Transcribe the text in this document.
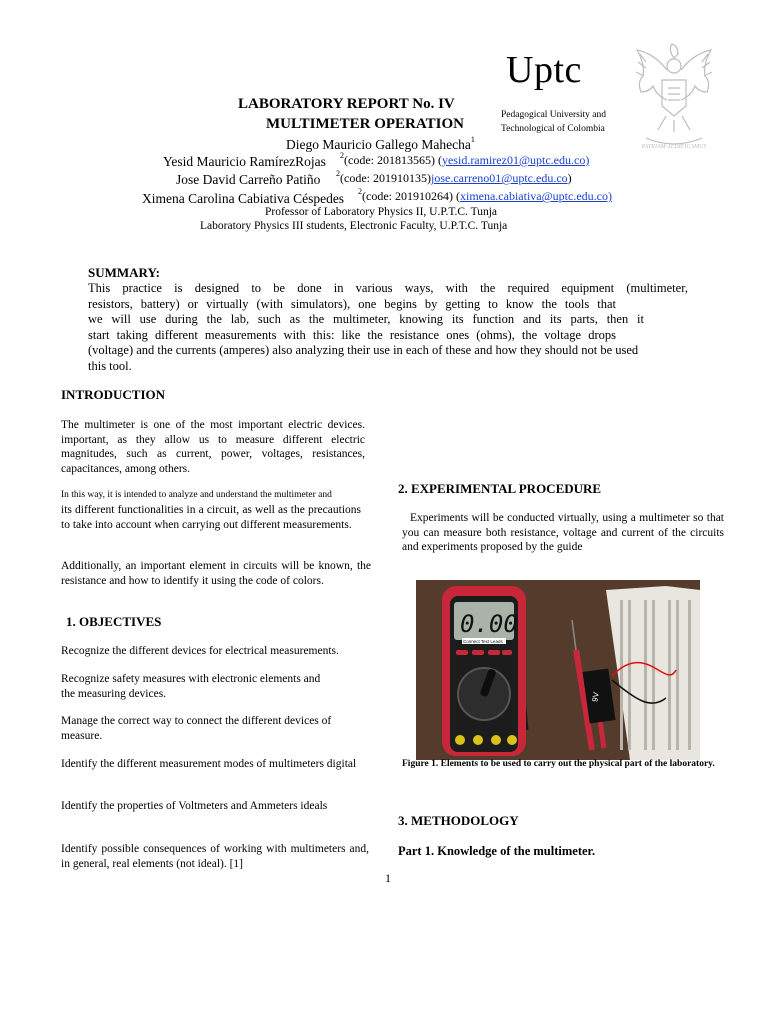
Uptc
Pedagogical University and
Technological of Colombia
PATRIAM AEDIFICAMUS
LABORATORY REPORT No. IV
MULTIMETER OPERATION
Diego Mauricio Gallego Mahecha$^1$
Yesid Mauricio RamírezRojas $^2$(code: 201813565) (yesid.ramirez01@uptc.edu.co)
Jose David Carreño Patiño $^2$(code: 201910135)jose.carreno01@uptc.edu.co)
Ximena Carolina Cabiativa Céspedes $^2$(code: 201910264) (ximena.cabiativa@uptc.edu.co)
Professor of Laboratory Physics II, U.P.T.C. Tunja
Laboratory Physics III students, Electronic Faculty, U.P.T.C. Tunja
SUMMARY:
This practice is designed to be done in various ways, with the required equipment (multimeter,
resistors, battery) or virtually (with simulators), one begins by getting to know the tools that
we will use during the lab, such as the multimeter, knowing its function and its parts, then it
start taking different measurements with this: like the resistance ones (ohms), the voltage drops
(voltage) and the currents (amperes) also analyzing their use in each of these and how they should not be used
this tool.
INTRODUCTION
The multimeter is one of the most important electric devices. important, as they allow us to measure different electric magnitudes, such as current, power, voltages, resistances, capacitances, among others.
In this way, it is intended to analyze and understand the multimeter and
its different functionalities in a circuit, as well as the precautions to take into account when carrying out different measurements.
Additionally, an important element in circuits will be known, the resistance and how to identify it using the code of colors.
1. OBJECTIVES
Recognize the different devices for electrical measurements.
Recognize safety measures with electronic elements and the measuring devices.
Manage the correct way to connect the different devices of measure.
Identify the different measurement modes of multimeters digital
Identify the properties of Voltmeters and Ammeters ideals
Identify possible consequences of working with multimeters and, in general, real elements (not ideal). [1]
2. EXPERIMENTAL PROCEDURE
Experiments will be conducted virtually, using a multimeter so that you can measure both resistance, voltage and current of the circuits and experiments proposed by the guide
9V
0.00
Connect Test Leads
Figure 1. Elements to be used to carry out the physical part of the laboratory.
3. METHODOLOGY
Part 1. Knowledge of the multimeter.
1
